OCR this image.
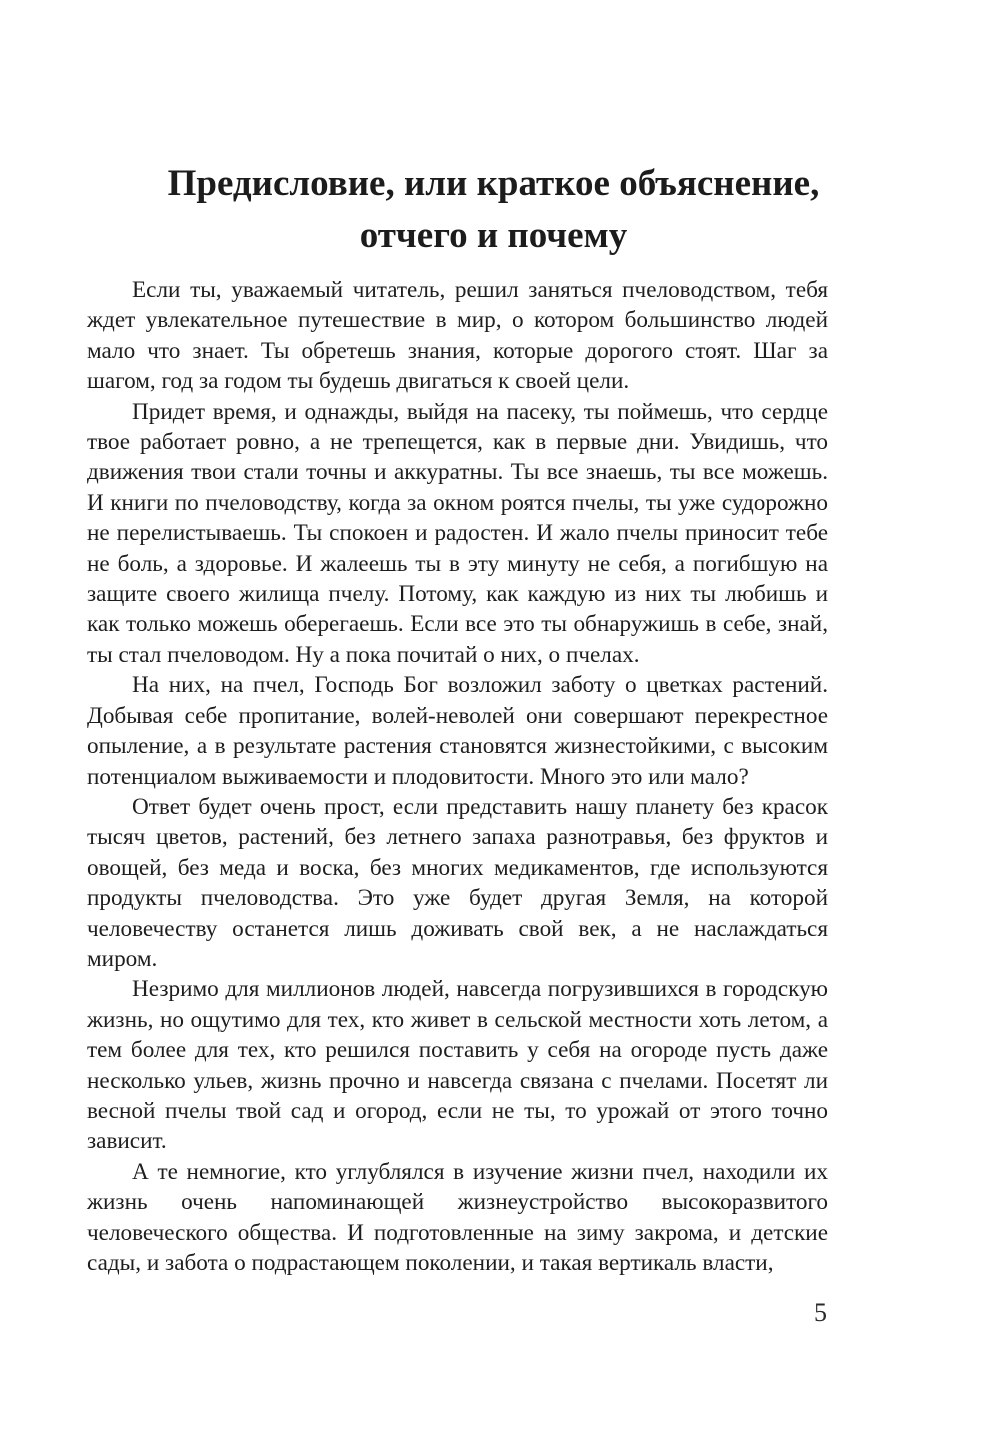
Предисловие, или краткое объяснение,
отчего и почему

Если ты, уважаемый читатель, решил заняться пчеловодством, тебя ждет увлекательное путешествие в мир, о котором большинство людей мало что знает. Ты обретешь знания, которые дорогого стоят. Шаг за шагом, год за годом ты будешь двигаться к своей цели.

Придет время, и однажды, выйдя на пасеку, ты поймешь, что сердце твое работает ровно, а не трепещется, как в первые дни. Увидишь, что движения твои стали точны и аккуратны. Ты все знаешь, ты все можешь. И книги по пчеловодству, когда за окном роятся пчелы, ты уже судорожно не перелистываешь. Ты спокоен и радостен. И жало пчелы приносит тебе не боль, а здоровье. И жалеешь ты в эту минуту не себя, а погибшую на защите своего жилища пчелу. Потому, как каждую из них ты любишь и как только можешь оберегаешь. Если все это ты обнаружишь в себе, знай, ты стал пчеловодом. Ну а пока почитай о них, о пчелах.

На них, на пчел, Господь Бог возложил заботу о цветках растений. Добывая себе пропитание, волей-неволей они совершают перекрестное опыление, а в результате растения становятся жизнестойкими, с высоким потенциалом выживаемости и плодовитости. Много это или мало?

Ответ будет очень прост, если представить нашу планету без красок тысяч цветов, растений, без летнего запаха разнотравья, без фруктов и овощей, без меда и воска, без многих медикаментов, где используются продукты пчеловодства. Это уже будет другая Земля, на которой человечеству останется лишь доживать свой век, а не наслаждаться миром.

Незримо для миллионов людей, навсегда погрузившихся в городскую жизнь, но ощутимо для тех, кто живет в сельской местности хоть летом, а тем более для тех, кто решился поставить у себя на огороде пусть даже несколько ульев, жизнь прочно и навсегда связана с пчелами. Посетят ли весной пчелы твой сад и огород, если не ты, то урожай от этого точно зависит.

А те немногие, кто углублялся в изучение жизни пчел, находили их жизнь очень напоминающей жизнеустройство высокоразвитого человеческого общества. И подготовленные на зиму закрома, и детские сады, и забота о подрастающем поколении, и такая вертикаль власти,

5
